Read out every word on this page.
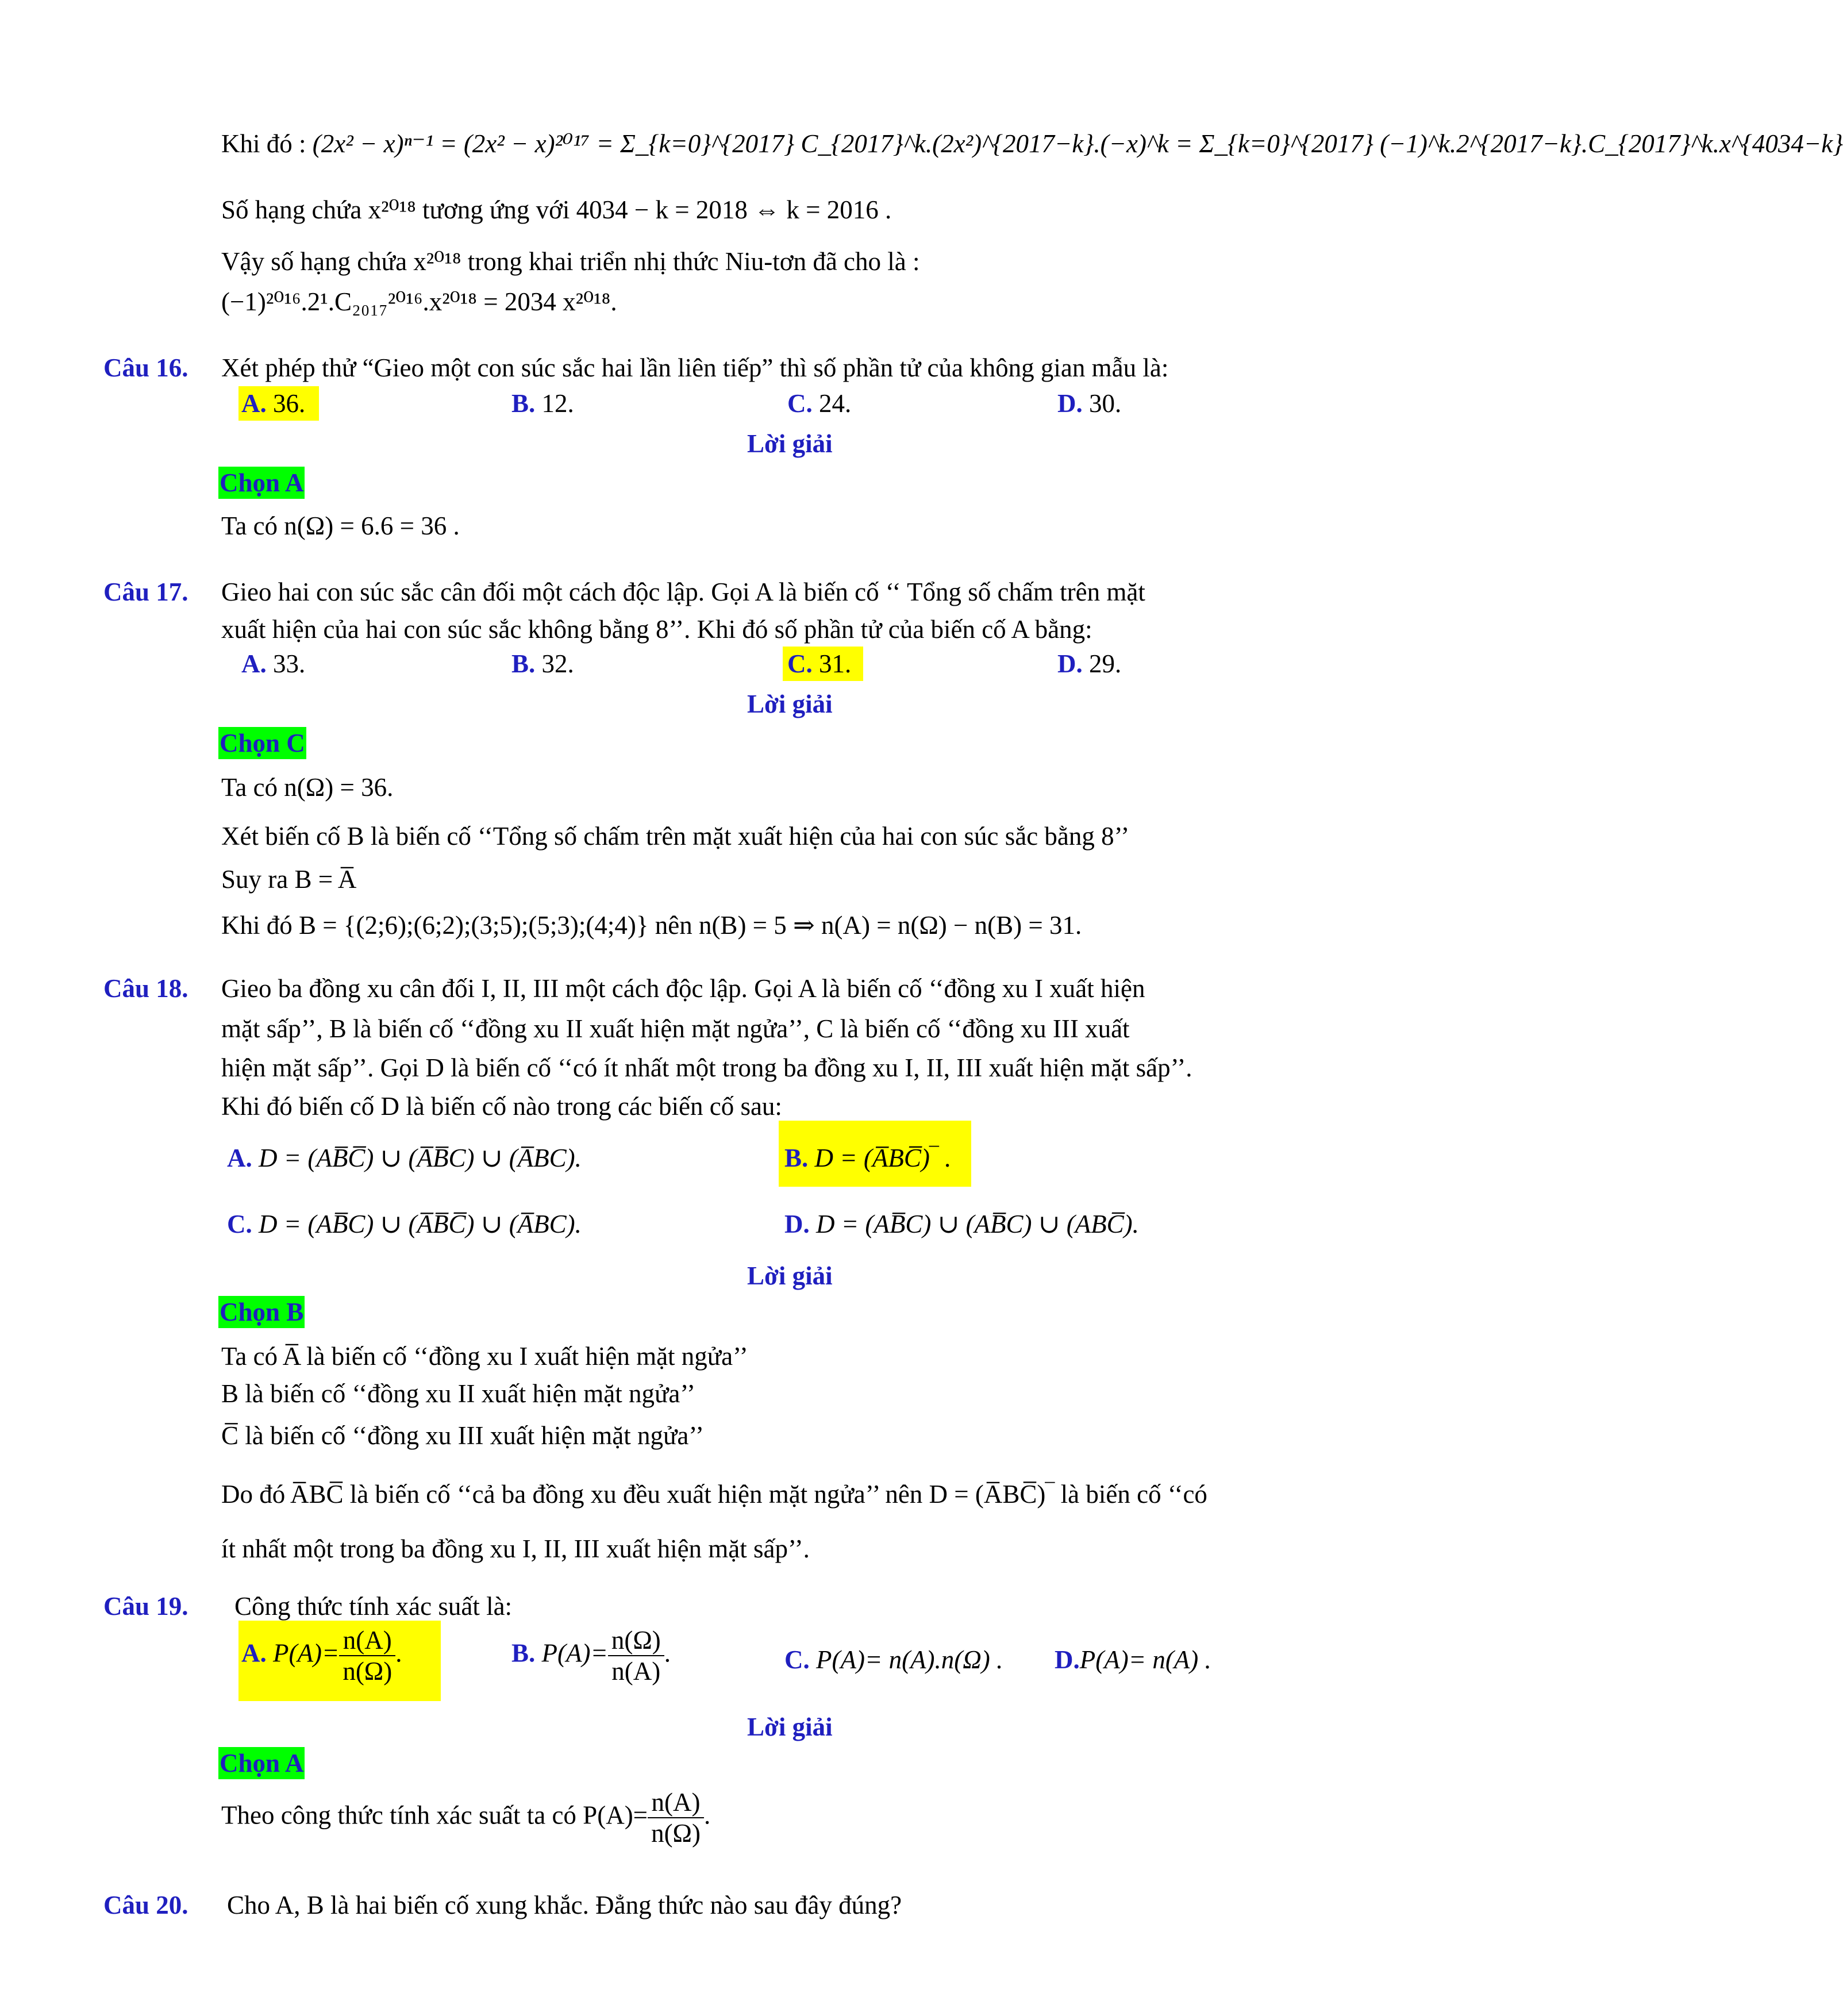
Khi đó : (2x² − x)ⁿ⁻¹ = (2x² − x)²⁰¹⁷ = Σ_{k=0}^{2017} C_{2017}^k.(2x²)^{2017−k}.(−x)^k = Σ_{k=0}^{2017} (−1)^k.2^{2017−k}.C_{2017}^k.x^{4034−k}
Số hạng chứa x²⁰¹⁸ tương ứng với 4034 − k = 2018 ⇔ k = 2016 .
Vậy số hạng chứa x²⁰¹⁸ trong khai triển nhị thức Niu-tơn đã cho là :
(−1)²⁰¹⁶.2¹.C₂₀₁₇²⁰¹⁶.x²⁰¹⁸ = 2034 x²⁰¹⁸.
Câu 16. Xét phép thử “Gieo một con súc sắc hai lần liên tiếp” thì số phần tử của không gian mẫu là:
A. 36.	B. 12.	C. 24.	D. 30.
Lời giải
Chọn A
Ta có n(Ω) = 6.6 = 36 .
Câu 17. Gieo hai con súc sắc cân đối một cách độc lập. Gọi A là biến cố ‘‘ Tổng số chấm trên mặt
xuất hiện của hai con súc sắc không bằng 8’’. Khi đó số phần tử của biến cố A bằng:
A. 33.	B. 32.	C. 31.	D. 29.
Lời giải
Chọn C
Ta có n(Ω) = 36.
Xét biến cố B là biến cố ‘‘Tổng số chấm trên mặt xuất hiện của hai con súc sắc bằng 8’’
Suy ra B = A̅
Khi đó B = {(2;6);(6;2);(3;5);(5;3);(4;4)} nên n(B) = 5 ⇒ n(A) = n(Ω) − n(B) = 31.
Câu 18. Gieo ba đồng xu cân đối I, II, III một cách độc lập. Gọi A là biến cố ‘‘đồng xu I xuất hiện
mặt sấp’’, B là biến cố ‘‘đồng xu II xuất hiện mặt ngửa’’, C là biến cố ‘‘đồng xu III xuất
hiện mặt sấp’’. Gọi D là biến cố ‘‘có ít nhất một trong ba đồng xu I, II, III xuất hiện mặt sấp’’.
Khi đó biến cố D là biến cố nào trong các biến cố sau:
A. D = (AB̅C̅) ∪ (A̅B̅C) ∪ (A̅BC).	B. D = (A̅BC̅)‾ .
C. D = (AB̅C) ∪ (A̅B̅C̅) ∪ (A̅BC).	D. D = (AB̅C) ∪ (AB̅C) ∪ (ABC̅).
Lời giải
Chọn B
Ta có A̅ là biến cố ‘‘đồng xu I xuất hiện mặt ngửa’’
B là biến cố ‘‘đồng xu II xuất hiện mặt ngửa’’
C̅ là biến cố ‘‘đồng xu III xuất hiện mặt ngửa’’
Do đó A̅BC̅ là biến cố ‘‘cả ba đồng xu đều xuất hiện mặt ngửa’’ nên D = (A̅BC̅)‾ là biến cố ‘‘có
ít nhất một trong ba đồng xu I, II, III xuất hiện mặt sấp’’.
Câu 19. Công thức tính xác suất là:
A. $P(A)= \frac{n(A)}{n(\Omega)}$ .	B. $P(A)= \frac{n(\Omega)}{n(A)}$ .	C. P(A)= n(A).n(Ω) . D.P(A)= n(A) .
Lời giải
Chọn A
Theo công thức tính xác suất ta có $P(A)= \frac{n(A)}{n(\Omega)}$ .
Câu 20. Cho A, B là hai biến cố xung khắc. Đẳng thức nào sau đây đúng?
